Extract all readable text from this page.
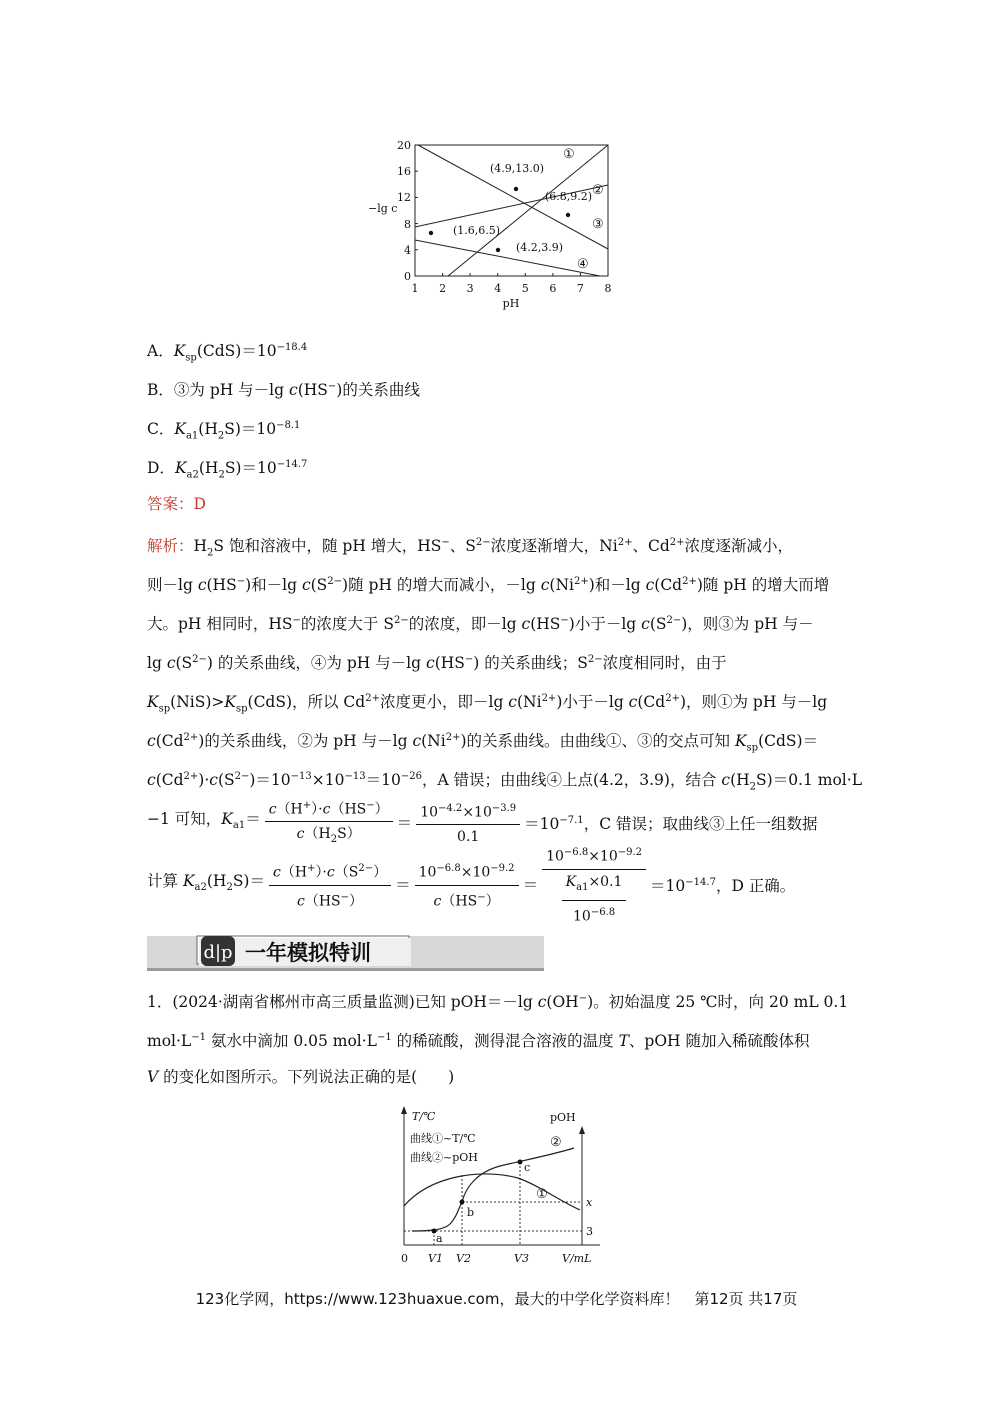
1 2 3 4 5 6 7 8
pH
0
4
8
12
16
20
−lg c
(4.9,13.0)
(6.8,9.2)
(1.6,6.5)
(4.2,3.9)
①
②
③
④
A．$K_{sp}(CdS)=10^{-18.4}$
B．③为 pH 与－lg c(HS−)的关系曲线
C．$K_{a1}(H_2S)=10^{-8.1}$
D．$K_{a2}(H_2S)=10^{-14.7}$
答案：D
解析：$H_2S$ 饱和溶液中，随 pH 增大，HS−、$S^{2-}$浓度逐渐增大，$Ni^{2+}$、$Cd^{2+}$浓度逐渐减小，
则－lg c(HS−)和－lg $c(S^{2-})$随 pH 的增大而减小，－lg $c(Ni^{2+})$和－lg $c(Cd^{2+})$随 pH 的增大而增
大。pH 相同时，HS−的浓度大于 $S^{2-}$的浓度，即－lg c(HS−)小于－lg $c(S^{2-})$，则③为 pH 与－
$\lg c(S^{2-})$ 的关系曲线，④为 pH 与－lg c(HS−) 的关系曲线；$S^{2-}$浓度相同时，由于
$K_{sp}(NiS)>K_{sp}(CdS)$，所以 $Cd^{2+}$浓度更小，即－lg $c(Ni^{2+})$小于－lg $c(Cd^{2+})$，则①为 pH 与－lg
$c(Cd^{2+})$的关系曲线，②为 pH 与－lg $c(Ni^{2+})$的关系曲线。由曲线①、③的交点可知 $K_{sp}(CdS)=$
$c(Cd^{2+})\cdot c(S^{2-})=10^{-13}\times 10^{-13}=10^{-26}$，A 错误；由曲线④上点(4.2，3.9)，结合 $c(H_2S)=0.1$ mol·L
−1 可知，$K_{a1}= \frac{c(H^+)\cdot c(HS^-)}{c(H_2S)} = \frac{10^{-4.2}\times 10^{-3.9}}{0.1} =10^{-7.1}$，C 错误；取曲线③上任一组数据
计算 $K_{a2}(H_2S)= \frac{c(H^+)\cdot c(S^{2-})}{c(HS^-)} = \frac{10^{-6.8}\times 10^{-9.2}}{c(HS^-)} = \frac{10^{-6.8}\times 10^{-9.2}}{\frac{K_{a1}\times 0.1}{10^{-6.8}}} =10^{-14.7}$，D 正确。
d|p 一年模拟特训
1．(2024·湖南省郴州市高三质量监测)已知 pOH＝－lg c(OH−)。初始温度 25 ℃时，向 20 mL 0.1
$mol\cdot L^{-1}$ 氨水中滴加 0.05 $mol\cdot L^{-1}$ 的稀硫酸，测得混合溶液的温度 T、pOH 随加入稀硫酸体积
V 的变化如图所示。下列说法正确的是(　　)
T/℃	pOH
曲线①~T/℃
曲线②~pOH
②
①
a
b
c
x
3
0 V1 V2	V3	V/mL
123化学网，https://www.123huaxue.com，最大的中学化学资料库！　第12页 共17页
